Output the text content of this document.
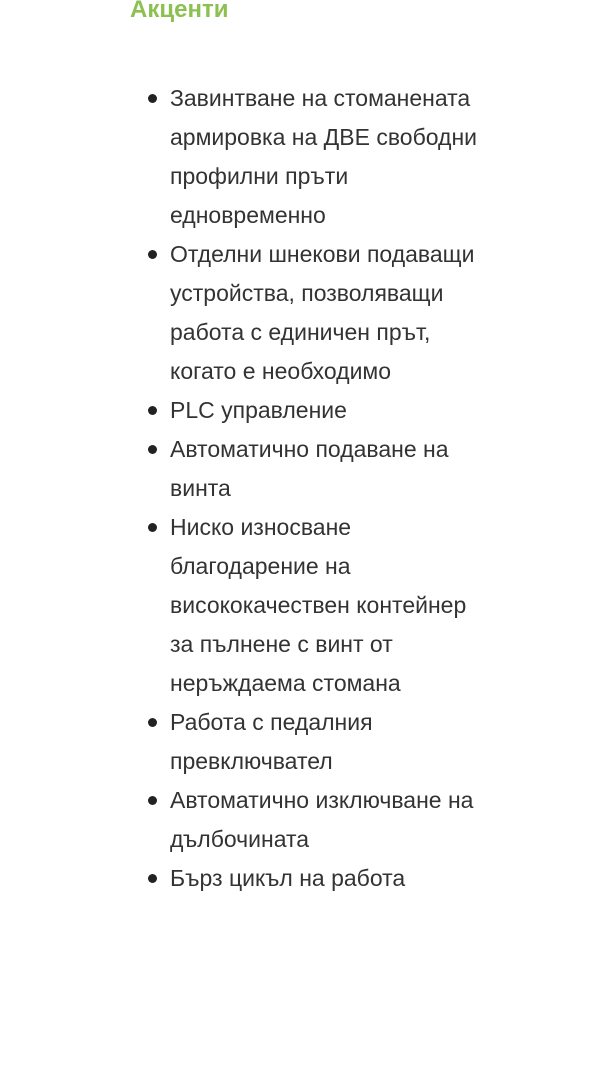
Акценти
Завинтване на стоманената армировка на ДВЕ свободни профилни пръти едновременно
Отделни шнекови подаващи устройства, позволяващи работа с единичен прът, когато е необходимо
PLC управление
Автоматично подаване на винта
Ниско износване благодарение на висококачествен контейнер за пълнене с винт от неръждаема стомана
Работа с педалния превключвател
Автоматично изключване на дълбочината
Бърз цикъл на работа
